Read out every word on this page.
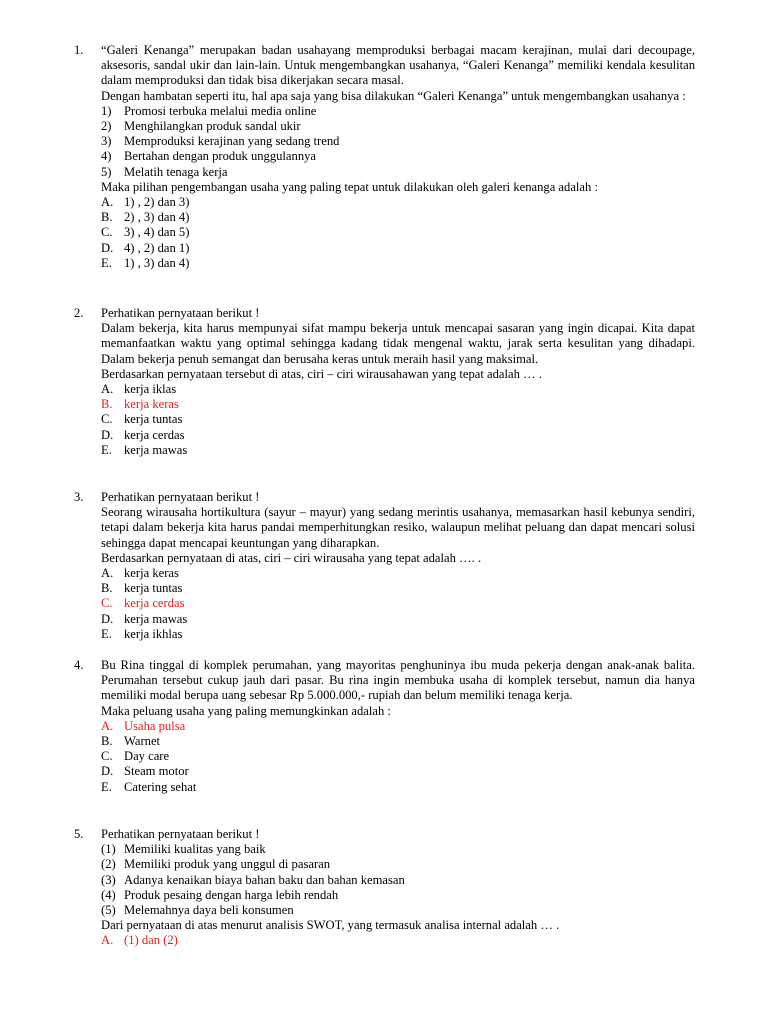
1.	“Galeri Kenanga” merupakan badan usahayang memproduksi berbagai macam kerajinan, mulai dari decoupage, aksesoris, sandal ukir dan lain-lain. Untuk mengembangkan usahanya, “Galeri Kenanga” memiliki kendala kesulitan dalam memproduksi dan tidak bisa dikerjakan secara masal.
Dengan hambatan seperti itu, hal apa saja yang bisa dilakukan “Galeri Kenanga” untuk mengembangkan usahanya :
1) Promosi terbuka melalui media online
2) Menghilangkan produk sandal ukir
3) Memproduksi kerajinan yang sedang trend
4) Bertahan dengan produk unggulannya
5) Melatih tenaga kerja
Maka pilihan pengembangan usaha yang paling tepat untuk dilakukan oleh galeri kenanga adalah :
A. 1) , 2) dan 3)
B. 2) , 3) dan 4)
C. 3) , 4) dan 5)
D. 4) , 2) dan 1)
E. 1) , 3) dan 4)
2.	Perhatikan pernyataan berikut !
Dalam bekerja, kita harus mempunyai sifat mampu bekerja untuk mencapai sasaran yang ingin dicapai. Kita dapat memanfaatkan waktu yang optimal sehingga kadang tidak mengenal waktu, jarak serta kesulitan yang dihadapi. Dalam bekerja penuh semangat dan berusaha keras untuk meraih hasil yang maksimal.
Berdasarkan pernyataan tersebut di atas, ciri – ciri wirausahawan yang tepat adalah … .
A. kerja iklas
B. kerja keras
C. kerja tuntas
D. kerja cerdas
E. kerja mawas
3.	Perhatikan pernyataan berikut !
Seorang wirausaha hortikultura (sayur – mayur) yang sedang merintis usahanya, memasarkan hasil kebunya sendiri, tetapi dalam bekerja kita harus pandai memperhitungkan resiko, walaupun melihat peluang dan dapat mencari solusi sehingga dapat mencapai keuntungan yang diharapkan.
Berdasarkan pernyataan di atas, ciri – ciri wirausaha yang tepat adalah …. .
A. kerja keras
B. kerja tuntas
C. kerja cerdas
D. kerja mawas
E. kerja ikhlas
4.	Bu Rina tinggal di komplek perumahan, yang mayoritas penghuninya ibu muda pekerja dengan anak-anak balita. Perumahan tersebut cukup jauh dari pasar. Bu rina ingin membuka usaha di komplek tersebut, namun dia hanya memiliki modal berupa uang sebesar Rp 5.000.000,- rupiah dan belum memiliki tenaga kerja.
Maka peluang usaha yang paling memungkinkan adalah :
A. Usaha pulsa
B. Warnet
C. Day care
D. Steam motor
E. Catering sehat
5.	Perhatikan pernyataan berikut !
(1) Memiliki kualitas yang baik
(2) Memiliki produk yang unggul di pasaran
(3) Adanya kenaikan biaya bahan baku dan bahan kemasan
(4) Produk pesaing dengan harga lebih rendah
(5) Melemahnya daya beli konsumen
Dari pernyataan di atas menurut analisis SWOT, yang termasuk analisa internal adalah … .
A. (1) dan (2)
